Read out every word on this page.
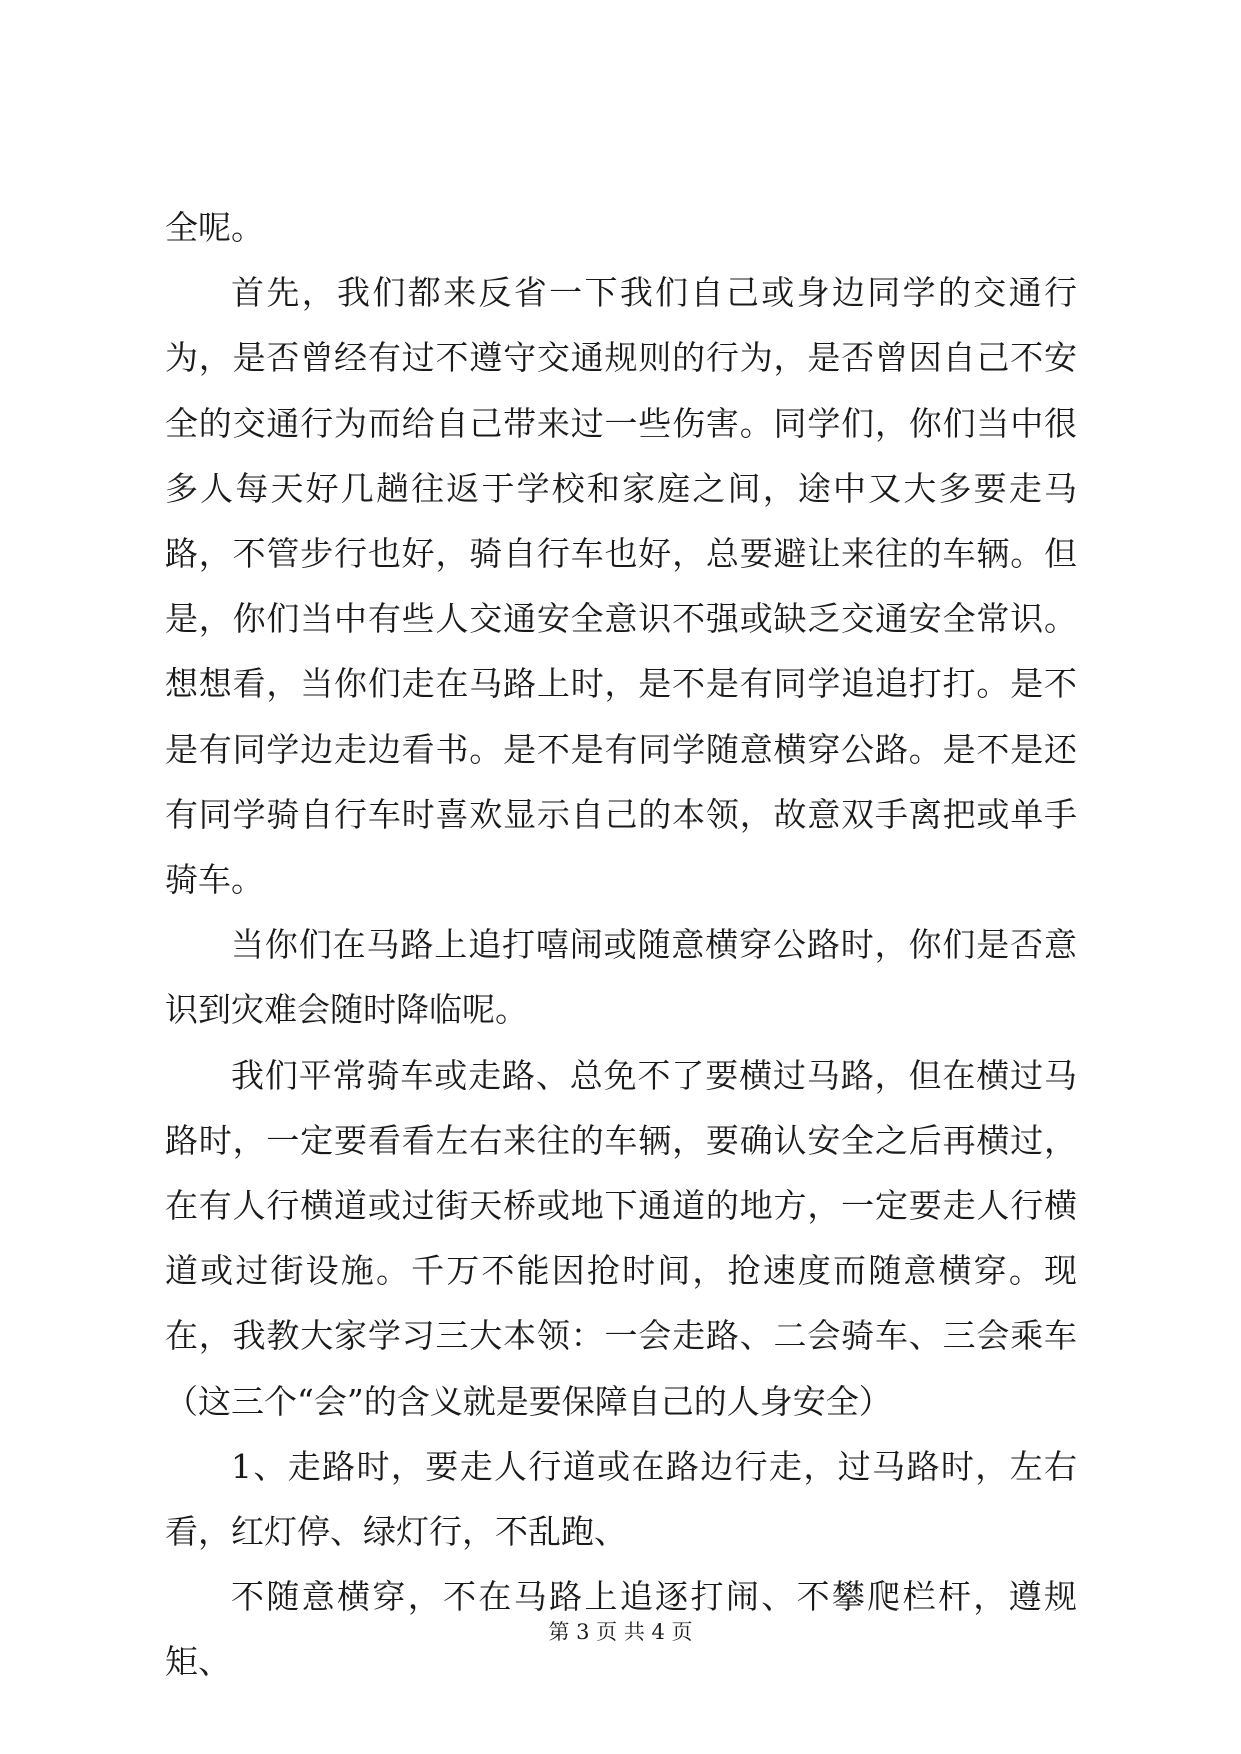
全呢。

首先，我们都来反省一下我们自己或身边同学的交通行为，是否曾经有过不遵守交通规则的行为，是否曾因自己不安全的交通行为而给自己带来过一些伤害。同学们，你们当中很多人每天好几趟往返于学校和家庭之间，途中又大多要走马路，不管步行也好，骑自行车也好，总要避让来往的车辆。但是，你们当中有些人交通安全意识不强或缺乏交通安全常识。想想看，当你们走在马路上时，是不是有同学追追打打。是不是有同学边走边看书。是不是有同学随意横穿公路。是不是还有同学骑自行车时喜欢显示自己的本领，故意双手离把或单手骑车。

当你们在马路上追打嘻闹或随意横穿公路时，你们是否意识到灾难会随时降临呢。

我们平常骑车或走路、总免不了要横过马路，但在横过马路时，一定要看看左右来往的车辆，要确认安全之后再横过，在有人行横道或过街天桥或地下通道的地方，一定要走人行横道或过街设施。千万不能因抢时间，抢速度而随意横穿。现在，我教大家学习三大本领：一会走路、二会骑车、三会乘车（这三个“会”的含义就是要保障自己的人身安全）

1、走路时，要走人行道或在路边行走，过马路时，左右看，红灯停、绿灯行，不乱跑、

不随意横穿，不在马路上追逐打闹、不攀爬栏杆，遵规矩、

第 3 页 共 4 页
